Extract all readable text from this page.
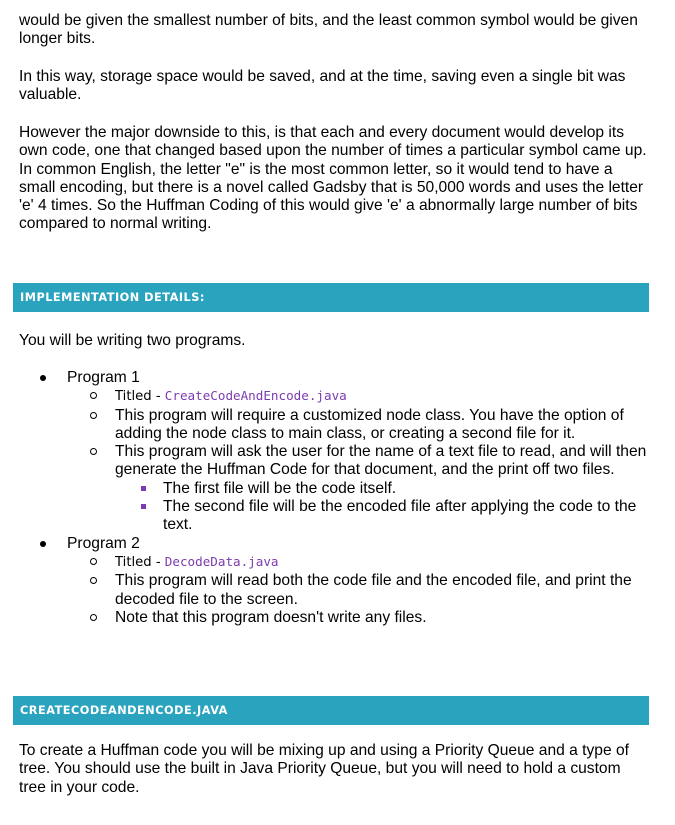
would be given the smallest number of bits, and the least common symbol would be given longer bits.

In this way, storage space would be saved, and at the time, saving even a single bit was valuable.

However the major downside to this, is that each and every document would develop its own code, one that changed based upon the number of times a particular symbol came up. In common English, the letter "e" is the most common letter, so it would tend to have a small encoding, but there is a novel called Gadsby that is 50,000 words and uses the letter 'e' 4 times. So the Huffman Coding of this would give 'e' a abnormally large number of bits compared to normal writing.

IMPLEMENTATION DETAILS:

You will be writing two programs.

Program 1
Titled - CreateCodeAndEncode.java
This program will require a customized node class. You have the option of adding the node class to main class, or creating a second file for it.
This program will ask the user for the name of a text file to read, and will then generate the Huffman Code for that document, and the print off two files.
The first file will be the code itself.
The second file will be the encoded file after applying the code to the text.
Program 2
Titled - DecodeData.java
This program will read both the code file and the encoded file, and print the decoded file to the screen.
Note that this program doesn't write any files.
CREATECODEANDENCODE.JAVA

To create a Huffman code you will be mixing up and using a Priority Queue and a type of tree. You should use the built in Java Priority Queue, but you will need to hold a custom tree in your code.
